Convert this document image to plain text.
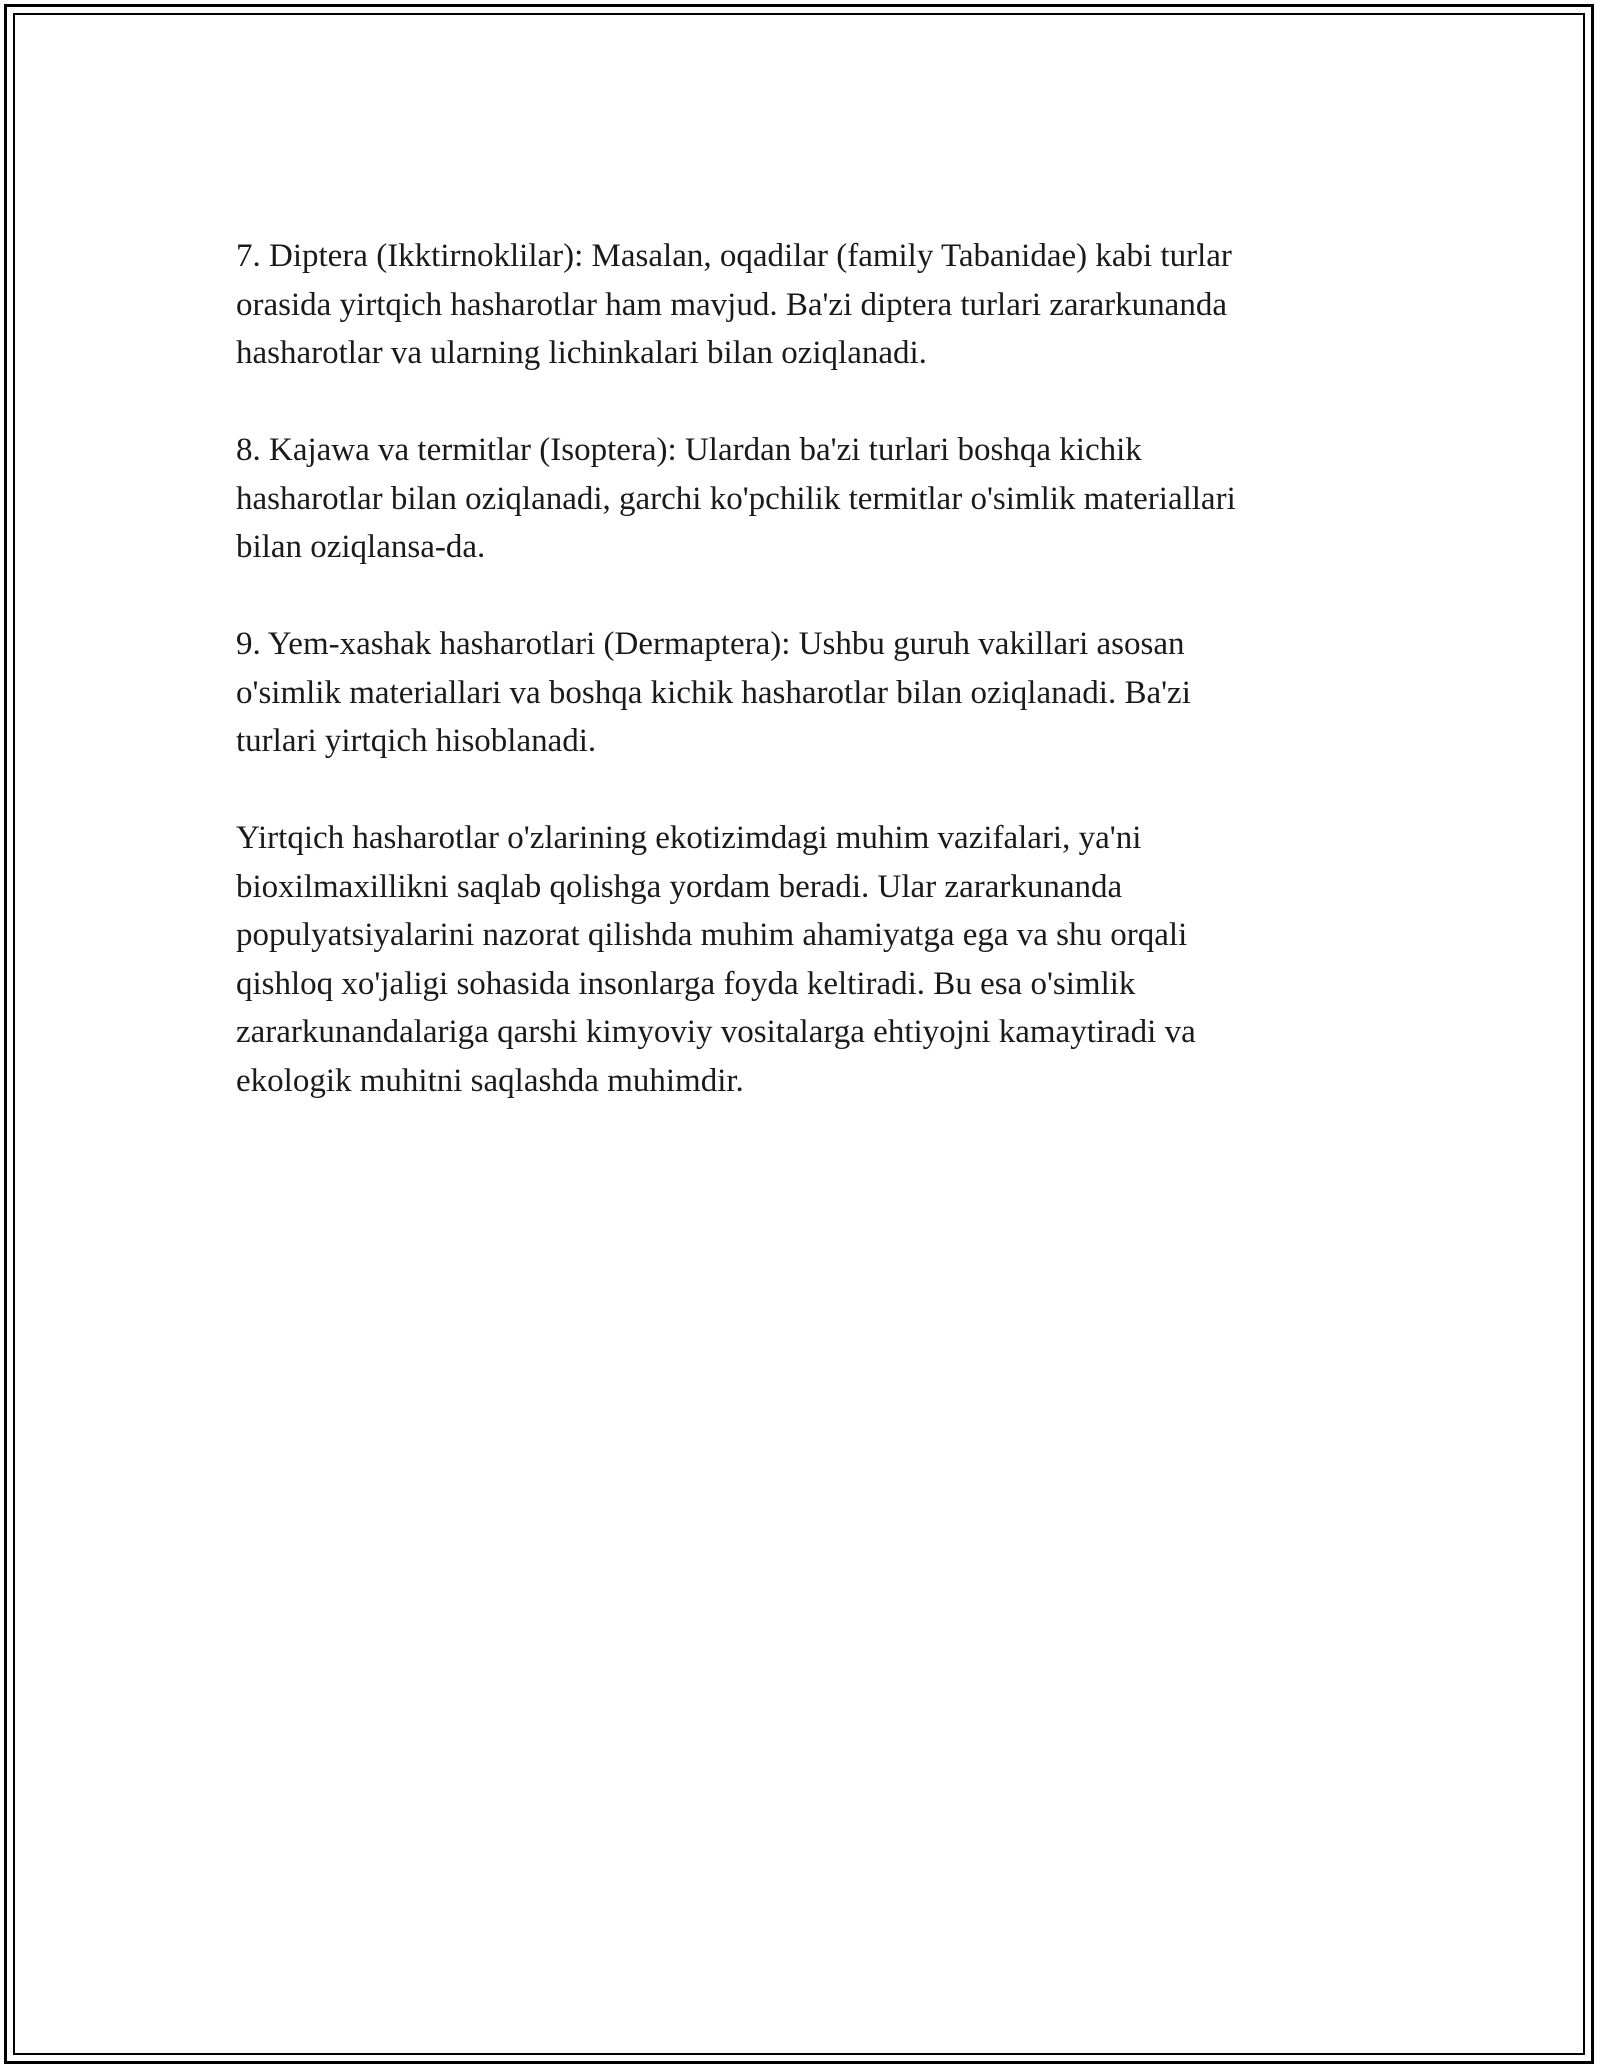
7. Diptera (Ikktirnoklilar): Masalan, oqadilar (family Tabanidae) kabi turlar
orasida yirtqich hasharotlar ham mavjud. Ba'zi diptera turlari zararkunanda
hasharotlar va ularning lichinkalari bilan oziqlanadi.
8. Kajawa va termitlar (Isoptera): Ulardan ba'zi turlari boshqa kichik
hasharotlar bilan oziqlanadi, garchi ko'pchilik termitlar o'simlik materiallari
bilan oziqlansa-da.
9. Yem-xashak hasharotlari (Dermaptera): Ushbu guruh vakillari asosan
o'simlik materiallari va boshqa kichik hasharotlar bilan oziqlanadi. Ba'zi
turlari yirtqich hisoblanadi.
Yirtqich hasharotlar o'zlarining ekotizimdagi muhim vazifalari, ya'ni
bioxilmaxillikni saqlab qolishga yordam beradi. Ular zararkunanda
populyatsiyalarini nazorat qilishda muhim ahamiyatga ega va shu orqali
qishloq xo'jaligi sohasida insonlarga foyda keltiradi. Bu esa o'simlik
zararkunandalariga qarshi kimyoviy vositalarga ehtiyojni kamaytiradi va
ekologik muhitni saqlashda muhimdir.
